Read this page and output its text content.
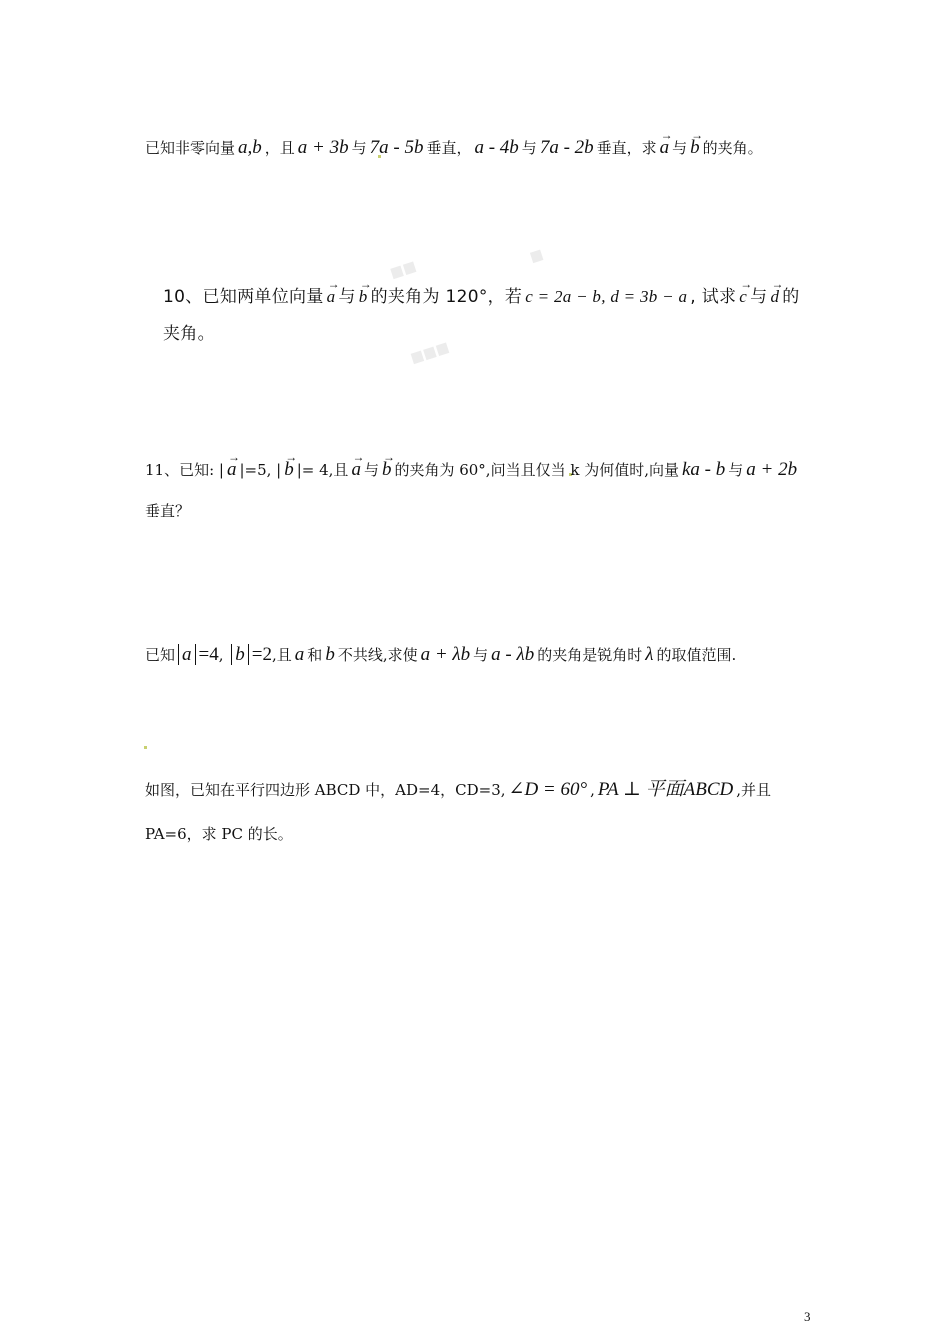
■■
■
■■■
已知非零向量 a,b ，且 a + 3b 与 7a - 5b 垂直， a - 4b 与 7a - 2b 垂直，求 → a 与 → b 的夹角。
10、已知两单位向量 → a 与 → b 的夹角为 120°，若 c = 2a − b, d = 3b − a , 试求 → c 与 → d 的
夹角。
11、已知: | → a |=5, | → b |= 4,且 → a 与 → b 的夹角为 60°,问当且仅当 k 为何值时,向量 ka - b 与 a + 2b
垂直？
已知 a =4, b =2,且 a 和 b 不共线,求使 a + λb 与 a - λb 的夹角是锐角时 λ 的取值范围.
如图，已知在平行四边形 ABCD 中，AD=4，CD=3, ∠D = 60° , PA ⊥ 平面ABCD ,并且
PA=6，求 PC 的长。
3
